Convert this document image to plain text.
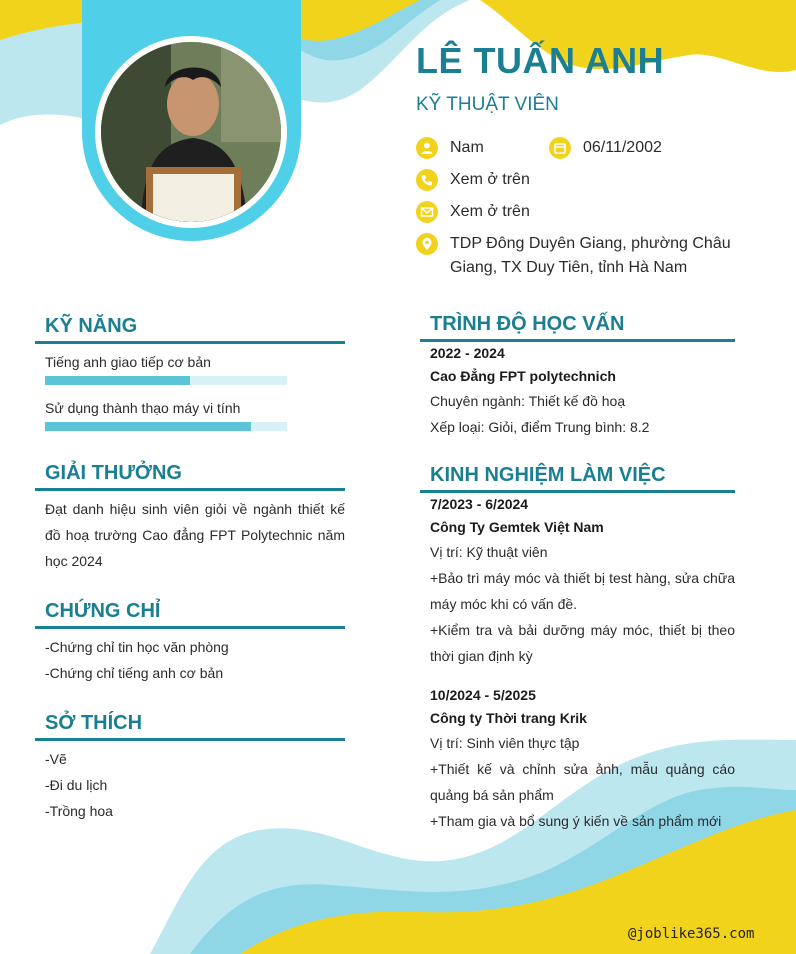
LÊ TUẤN ANH
KỸ THUẬT VIÊN
Nam	06/11/2002
Xem ở trên
Xem ở trên
TDP Đông Duyên Giang, phường Châu Giang, TX Duy Tiên, tỉnh Hà Nam
KỸ NĂNG
Tiếng anh giao tiếp cơ bản
Sử dụng thành thạo máy vi tính
GIẢI THƯỞNG
Đạt danh hiệu sinh viên giỏi về ngành thiết kế đồ hoạ trường Cao đẳng FPT Polytechnic năm học 2024
CHỨNG CHỈ
-Chứng chỉ tin học văn phòng
-Chứng chỉ tiếng anh cơ bản
SỞ THÍCH
-Vẽ
-Đi du lịch
-Trồng hoa
TRÌNH ĐỘ HỌC VẤN
2022 - 2024
Cao Đẳng FPT polytechnich
Chuyên ngành: Thiết kế đồ hoạ
Xếp loại: Giỏi, điểm Trung bình: 8.2
KINH NGHIỆM LÀM VIỆC
7/2023 - 6/2024
Công Ty Gemtek Việt Nam
Vị trí: Kỹ thuật viên
+Bảo trì máy móc và thiết bị test hàng, sửa chữa máy móc khi có vấn đề.
+Kiểm tra và bải dưỡng máy móc, thiết bị theo thời gian định kỳ
10/2024 - 5/2025
Công ty Thời trang Krik
Vị trí: Sinh viên thực tập
+Thiết kế và chỉnh sửa ảnh, mẫu quảng cáo quảng bá sản phẩm
+Tham gia và bổ sung ý kiến về sản phẩm mới
@joblike365.com
